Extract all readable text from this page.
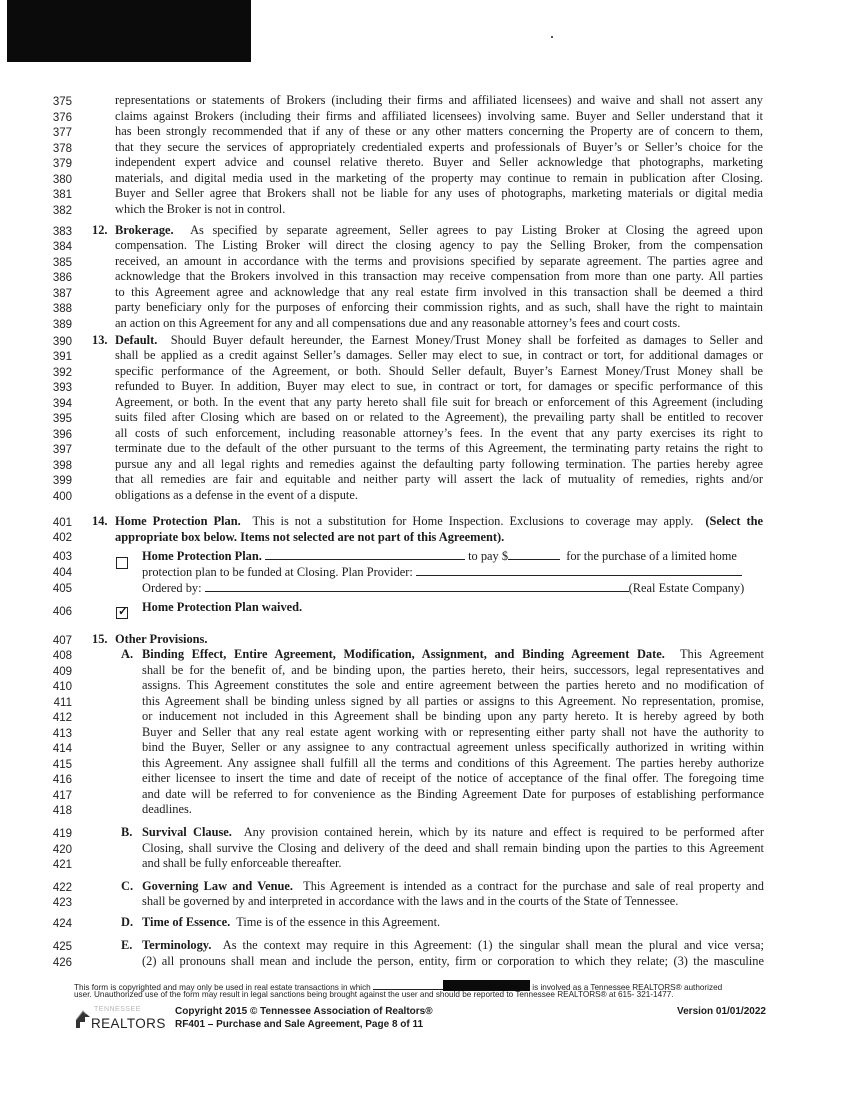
375
376
377
378
379
380
381
382
383
384
385
386
387
388
389
390
391
392
393
394
395
396
397
398
399
400
401
402
403
404
405
406
407
408
409
410
411
412
413
414
415
416
417
418
419
420
421
422
423
424
425
426
representations or statements of Brokers (including their firms and affiliated licensees) and waive and shall not assert any
claims against Brokers (including their firms and affiliated licensees) involving same. Buyer and Seller understand that it
has been strongly recommended that if any of these or any other matters concerning the Property are of concern to them,
that they secure the services of appropriately credentialed experts and professionals of Buyer’s or Seller’s choice for the
independent expert advice and counsel relative thereto. Buyer and Seller acknowledge that photographs, marketing
materials, and digital media used in the marketing of the property may continue to remain in publication after Closing.
Buyer and Seller agree that Brokers shall not be liable for any uses of photographs, marketing materials or digital media
which the Broker is not in control.
12. Brokerage. As specified by separate agreement, Seller agrees to pay Listing Broker at Closing the agreed upon
compensation. The Listing Broker will direct the closing agency to pay the Selling Broker, from the compensation
received, an amount in accordance with the terms and provisions specified by separate agreement. The parties agree and
acknowledge that the Brokers involved in this transaction may receive compensation from more than one party. All parties
to this Agreement agree and acknowledge that any real estate firm involved in this transaction shall be deemed a third
party beneficiary only for the purposes of enforcing their commission rights, and as such, shall have the right to maintain
an action on this Agreement for any and all compensations due and any reasonable attorney’s fees and court costs.
13. Default. Should Buyer default hereunder, the Earnest Money/Trust Money shall be forfeited as damages to Seller and
shall be applied as a credit against Seller’s damages. Seller may elect to sue, in contract or tort, for additional damages or
specific performance of the Agreement, or both. Should Seller default, Buyer’s Earnest Money/Trust Money shall be
refunded to Buyer. In addition, Buyer may elect to sue, in contract or tort, for damages or specific performance of this
Agreement, or both. In the event that any party hereto shall file suit for breach or enforcement of this Agreement (including
suits filed after Closing which are based on or related to the Agreement), the prevailing party shall be entitled to recover
all costs of such enforcement, including reasonable attorney’s fees. In the event that any party exercises its right to
terminate due to the default of the other pursuant to the terms of this Agreement, the terminating party retains the right to
pursue any and all legal rights and remedies against the defaulting party following termination. The parties hereby agree
that all remedies are fair and equitable and neither party will assert the lack of mutuality of remedies, rights and/or
obligations as a defense in the event of a dispute.
15. Other Provisions.
A. Binding Effect, Entire Agreement, Modification, Assignment, and Binding Agreement Date. This Agreement
shall be for the benefit of, and be binding upon, the parties hereto, their heirs, successors, legal representatives and
assigns. This Agreement constitutes the sole and entire agreement between the parties hereto and no modification of
this Agreement shall be binding unless signed by all parties or assigns to this Agreement. No representation, promise,
or inducement not included in this Agreement shall be binding upon any party hereto. It is hereby agreed by both
Buyer and Seller that any real estate agent working with or representing either party shall not have the authority to
bind the Buyer, Seller or any assignee to any contractual agreement unless specifically authorized in writing within
this Agreement. Any assignee shall fulfill all the terms and conditions of this Agreement. The parties hereby authorize
either licensee to insert the time and date of receipt of the notice of acceptance of the final offer. The foregoing time
and date will be referred to for convenience as the Binding Agreement Date for purposes of establishing performance
deadlines.
B. Survival Clause. Any provision contained herein, which by its nature and effect is required to be performed after
Closing, shall survive the Closing and delivery of the deed and shall remain binding upon the parties to this Agreement
and shall be fully enforceable thereafter.
C. Governing Law and Venue. This Agreement is intended as a contract for the purchase and sale of real property and
shall be governed by and interpreted in accordance with the laws and in the courts of the State of Tennessee.
D. Time of Essence. Time is of the essence in this Agreement.
E. Terminology. As the context may require in this Agreement: (1) the singular shall mean the plural and vice versa;
(2) all pronouns shall mean and include the person, entity, firm or corporation to which they relate; (3) the masculine
14. Home Protection Plan. This is not a substitution for Home Inspection. Exclusions to coverage may apply. (Select the
appropriate box below. Items not selected are not part of this Agreement).
Home Protection Plan.	to pay $	for the purchase of a limited home
protection plan to be funded at Closing. Plan Provider:
Ordered by:	(Real Estate Company)
✓ Home Protection Plan waived.
This form is copyrighted and may only be used in real estate transactions in which	is involved as a Tennessee REALTORS® authorized
user. Unauthorized use of the form may result in legal sanctions being brought against the user and should be reported to Tennessee REALTORS® at 615- 321-1477.
TENNESSEE
REALTORS
Copyright 2015 © Tennessee Association of Realtors®
RF401 – Purchase and Sale Agreement, Page 8 of 11
Version 01/01/2022
